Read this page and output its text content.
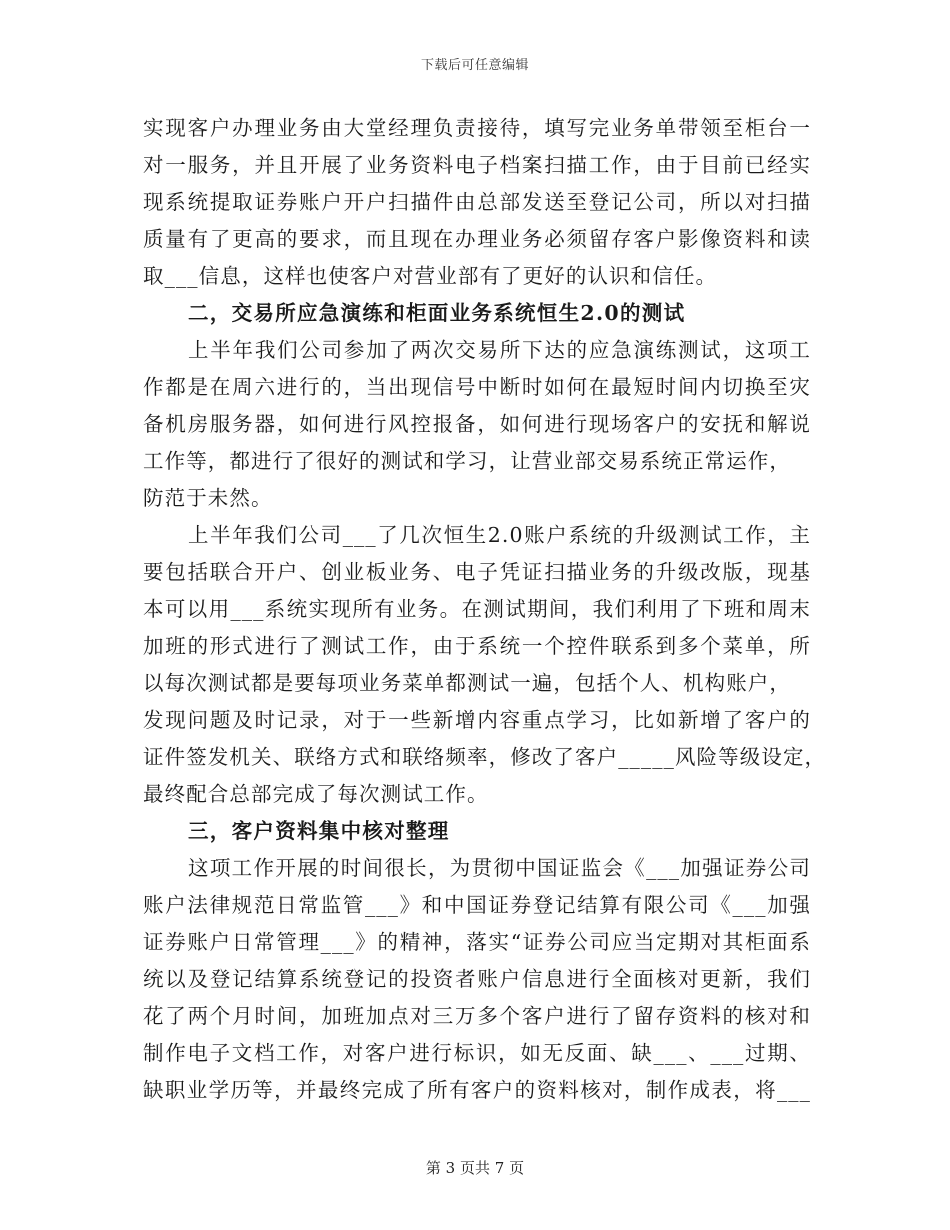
下载后可任意编辑
实现客户办理业务由大堂经理负责接待，填写完业务单带领至柜台一
对一服务，并且开展了业务资料电子档案扫描工作，由于目前已经实
现系统提取证券账户开户扫描件由总部发送至登记公司，所以对扫描
质量有了更高的要求，而且现在办理业务必须留存客户影像资料和读
取___信息，这样也使客户对营业部有了更好的认识和信任。
二，交易所应急演练和柜面业务系统恒生2.0的测试
上半年我们公司参加了两次交易所下达的应急演练测试，这项工
作都是在周六进行的，当出现信号中断时如何在最短时间内切换至灾
备机房服务器，如何进行风控报备，如何进行现场客户的安抚和解说
工作等，都进行了很好的测试和学习，让营业部交易系统正常运作，
防范于未然。
上半年我们公司___了几次恒生2.0账户系统的升级测试工作，主
要包括联合开户、创业板业务、电子凭证扫描业务的升级改版，现基
本可以用___系统实现所有业务。在测试期间，我们利用了下班和周末
加班的形式进行了测试工作，由于系统一个控件联系到多个菜单，所
以每次测试都是要每项业务菜单都测试一遍，包括个人、机构账户，
发现问题及时记录，对于一些新增内容重点学习，比如新增了客户的
证件签发机关、联络方式和联络频率，修改了客户_____风险等级设定，
最终配合总部完成了每次测试工作。
三，客户资料集中核对整理
这项工作开展的时间很长，为贯彻中国证监会《___加强证券公司
账户法律规范日常监管___》和中国证券登记结算有限公司《___加强
证券账户日常管理___》的精神，落实“证券公司应当定期对其柜面系
统以及登记结算系统登记的投资者账户信息进行全面核对更新，我们
花了两个月时间，加班加点对三万多个客户进行了留存资料的核对和
制作电子文档工作，对客户进行标识，如无反面、缺___、___过期、
缺职业学历等，并最终完成了所有客户的资料核对，制作成表，将___
第 3 页共 7 页
